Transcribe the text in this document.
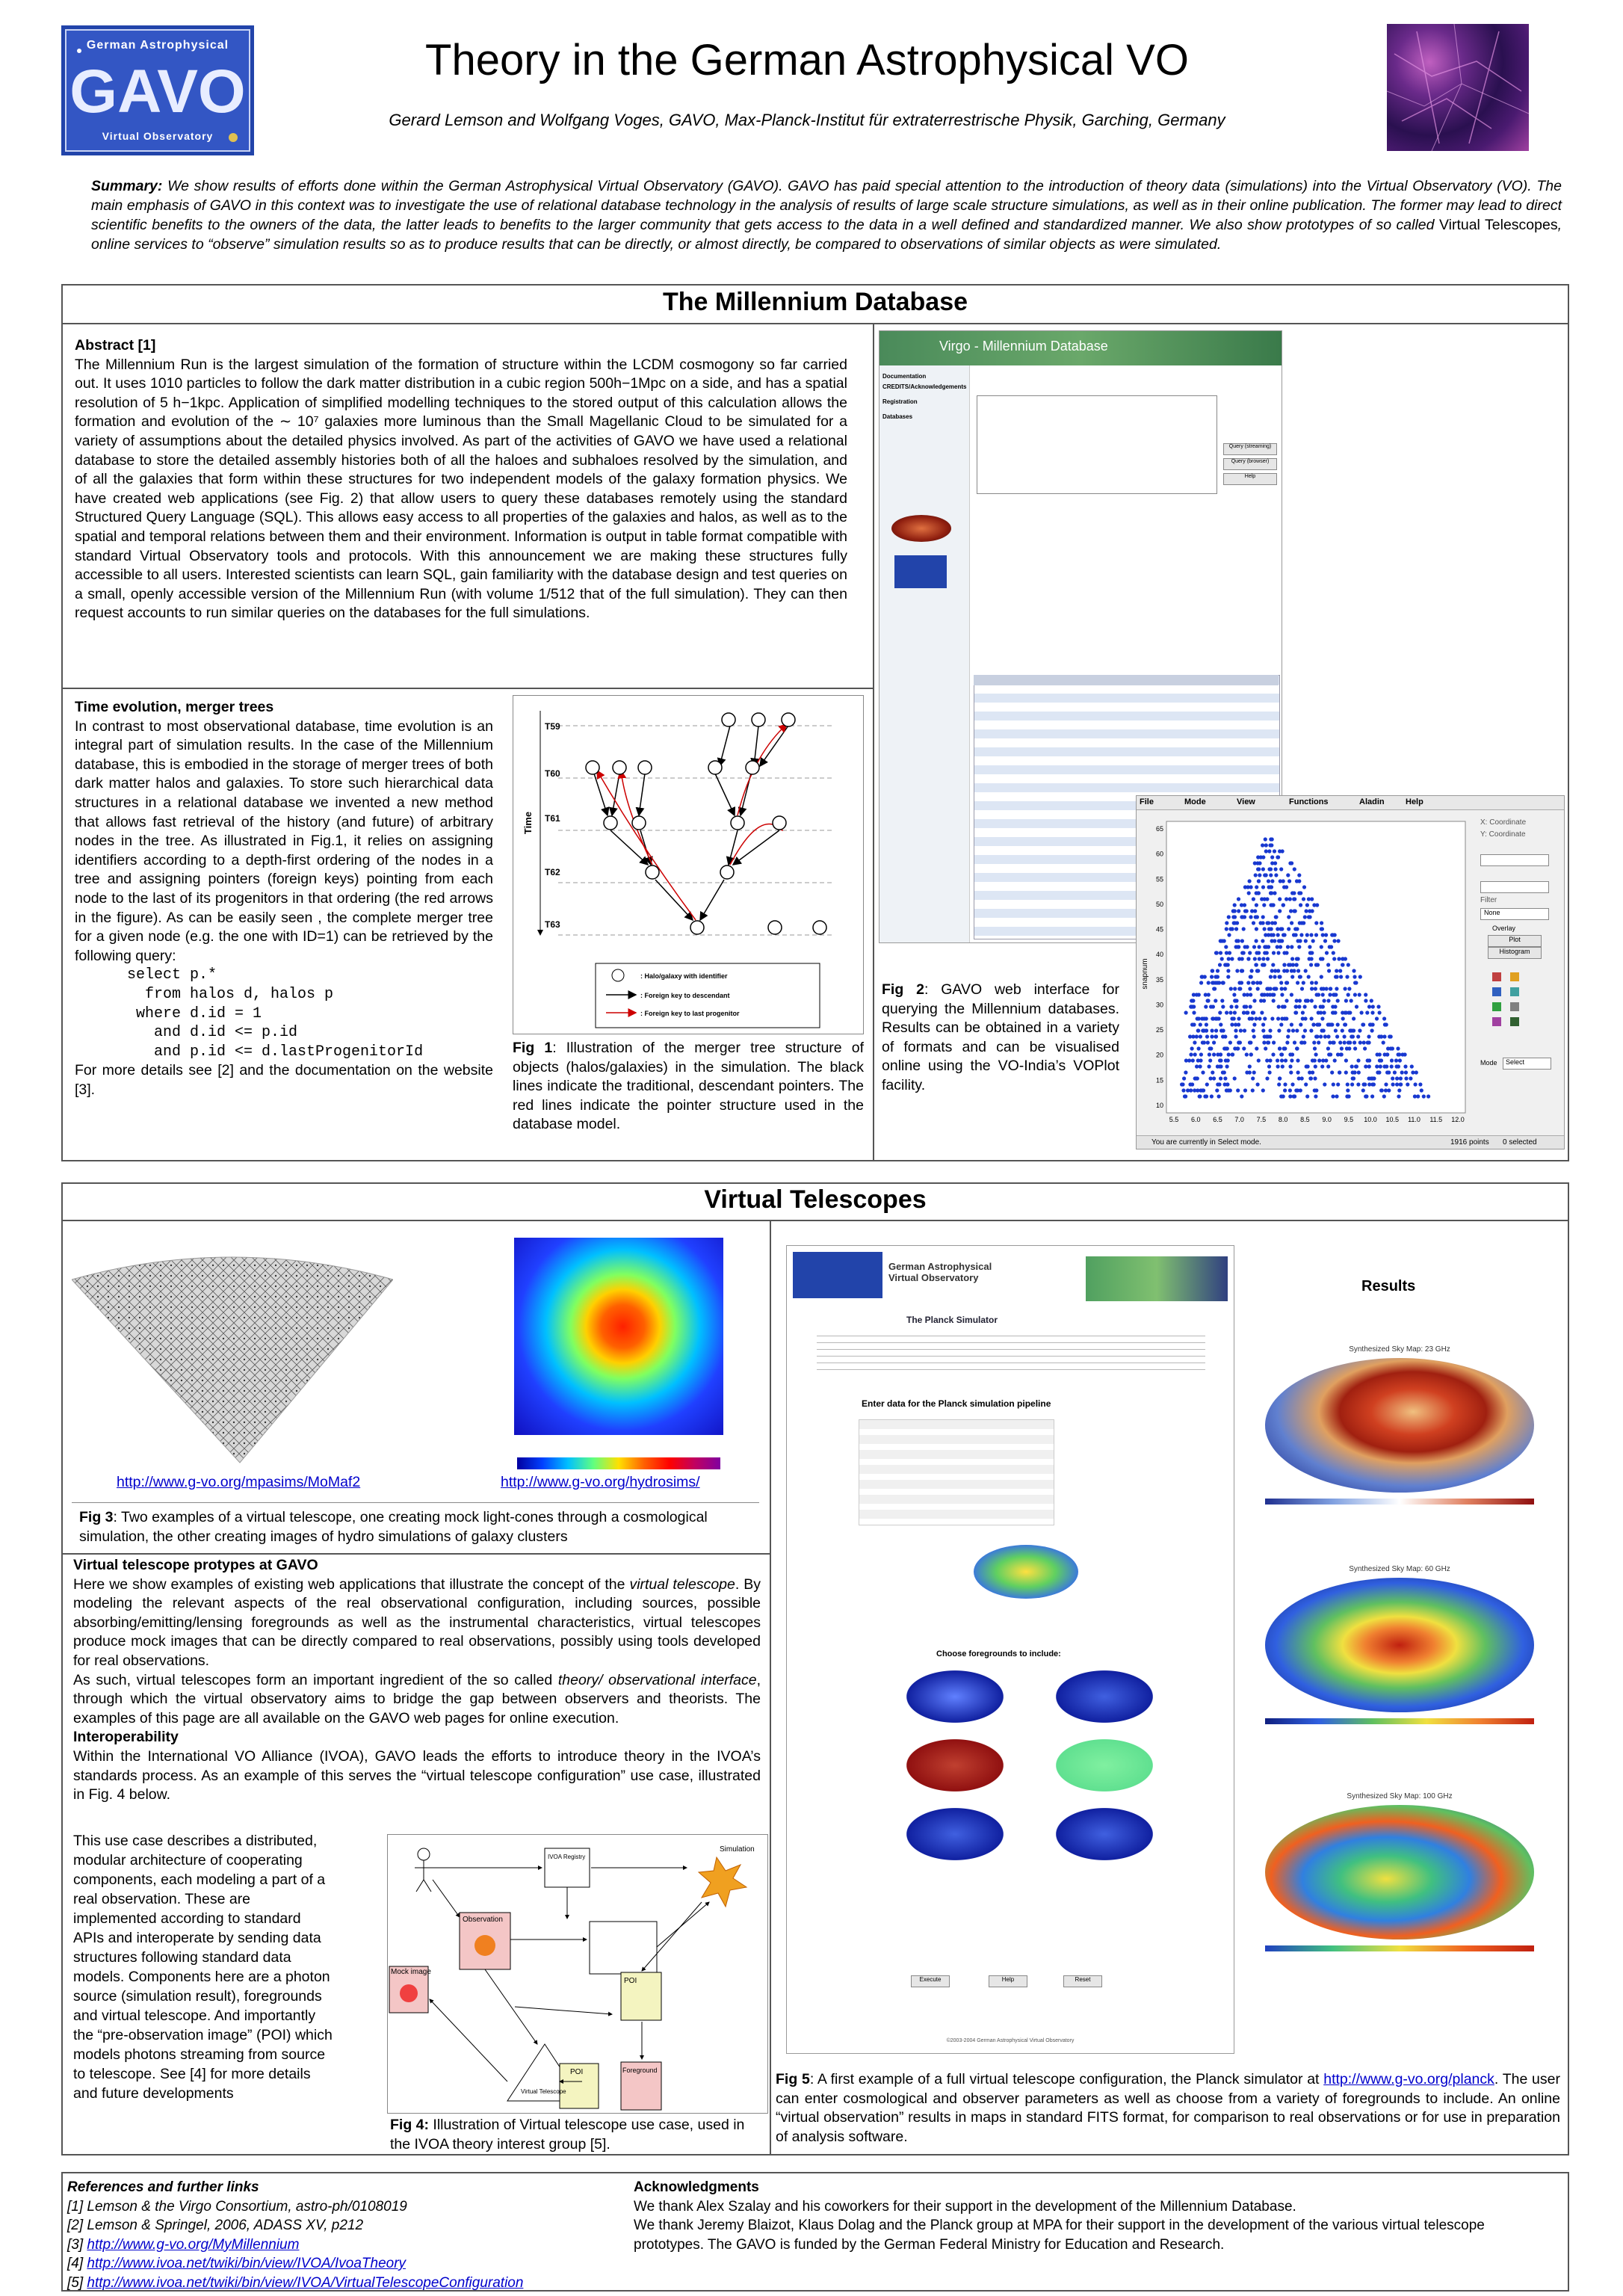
German Astrophysical
GAVO
Virtual Observatory
Theory in the German Astrophysical VO
Gerard Lemson and Wolfgang Voges, GAVO, Max-Planck-Institut für extraterrestrische Physik, Garching, Germany
Summary: We show results of efforts done within the German Astrophysical Virtual Observatory (GAVO). GAVO has paid special attention to the introduction of theory data (simulations) into the Virtual Observatory (VO). The main emphasis of GAVO in this context was to investigate the use of relational database technology in the analysis of results of large scale structure simulations, as well as in their online publication. The former may lead to direct scientific benefits to the owners of the data, the latter leads to benefits to the larger community that gets access to the data in a well defined and standardized manner. We also show prototypes of so called Virtual Telescopes, online services to “observe” simulation results so as to produce results that can be directly, or almost directly, be compared to observations of similar objects as were simulated.
The Millennium Database

Abstract [1]

The Millennium Run is the largest simulation of the formation of structure within the LCDM cosmogony so far carried out. It uses 1010 particles to follow the dark matter distribution in a cubic region 500h−1Mpc on a side, and has a spatial resolution of 5 h−1kpc. Application of simplified modelling techniques to the stored output of this calculation allows the formation and evolution of the ∼ 10⁷ galaxies more luminous than the Small Magellanic Cloud to be simulated for a variety of assumptions about the detailed physics involved. As part of the activities of GAVO we have used a relational database to store the detailed assembly histories both of all the haloes and subhaloes resolved by the simulation, and of all the galaxies that form within these structures for two independent models of the galaxy formation physics. We have created web applications (see Fig. 2) that allow users to query these databases remotely using the standard Structured Query Language (SQL). This allows easy access to all properties of the galaxies and halos, as well as to the spatial and temporal relations between them and their environment. Information is output in table format compatible with standard Virtual Observatory tools and protocols. With this announcement we are making these structures fully accessible to all users. Interested scientists can learn SQL, gain familiarity with the database design and test queries on a small, openly accessible version of the Millennium Run (with volume 1/512 that of the full simulation). They can then request accounts to run similar queries on the databases for the full simulations.

Time evolution, merger trees

In contrast to most observational database, time evolution is an integral part of simulation results. In the case of the Millennium database, this is embodied in the storage of merger trees of both dark matter halos and galaxies. To store such hierarchical data structures in a relational database we invented a new method that allows fast retrieval of the history (and future) of arbitrary nodes in the tree. As illustrated in Fig.1, it relies on assigning identifiers according to a depth-first ordering of the nodes in a tree and assigning pointers (foreign keys) pointing from each node to the last of its progenitors in that ordering (the red arrows in the figure). As can be easily seen , the complete merger tree for a given node (e.g. the one with ID=1) can be retrieved by the following query:

select p.*
from halos d, halos p
where d.id = 1
and d.id <= p.id
and p.id <= d.lastProgenitorId

For more details see [2] and the documentation on the website [3].

Time
T59
T60
T61
T62
T63
: Halo/galaxy with identifier
: Foreign key to descendant
: Foreign key to last progenitor
Fig 1: Illustration of the merger tree structure of objects (halos/galaxies) in the simulation. The black lines indicate the traditional, descendant pointers. The red lines indicate the pointer structure used in the database model.
Virgo - Millennium Database
Documentation
CREDITS/Acknowledgements
Registration
Databases
Query (streaming)
Query (browser)
Help
File	Mode	View	Functions	Aladin	Help
snapnum
5.5 6.0 6.5 7.0 7.5 8.0 8.5 9.0 9.5 10.0 10.5 11.0 11.5 12.0
10
15
20
25
30
35
40
45
50
55
60
65
X: Coordinate
Y: Coordinate
Filter
None
Overlay
Plot
Histogram
Mode	Select
You are currently in Select mode.	1916 points 0 selected
Fig 2: GAVO web interface for querying the Millennium databases. Results can be obtained in a variety of formats and can be visualised online using the VO-India’s VOPlot facility.
Virtual Telescopes
http://www.g-vo.org/mpasims/MoMaf2	http://www.g-vo.org/hydrosims/
Fig 3: Two examples of a virtual telescope, one creating mock light-cones through a cosmological simulation, the other creating images of hydro simulations of galaxy clusters

Virtual telescope protypes at GAVO

Here we show examples of existing web applications that illustrate the concept of the virtual telescope. By modeling the relevant aspects of the real observational configuration, including sources, possible absorbing/emitting/lensing foregrounds as well as the instrumental characteristics, virtual telescopes produce mock images that can be directly compared to real observations, possibly using tools developed for real observations.

As such, virtual telescopes form an important ingredient of the so called theory/ observational interface, through which the virtual observatory aims to bridge the gap between observers and theorists. The examples of this page are all available on the GAVO web pages for online execution.

Interoperability

Within the International VO Alliance (IVOA), GAVO leads the efforts to introduce theory in the IVOA’s standards process. As an example of this serves the “virtual telescope configuration” use case, illustrated in Fig. 4 below.

This use case describes a distributed, modular architecture of cooperating components, each modeling a part of a real observation. These are implemented according to standard APIs and interoperate by sending data structures following standard data models. Components here are a photon source (simulation result), foregrounds and virtual telescope. And importantly the “pre-observation image” (POI) which models photons streaming from source to telescope. See [4] for more details and future developments
Simulation
IVOA Registry
Observation
Mock image
Virtual Telescope
POI
Foreground
POI
Fig 4: Illustration of Virtual telescope use case, used in the IVOA theory interest group [5].
German Astrophysical Virtual Observatory
The Planck Simulator
Enter data for the Planck simulation pipeline
Choose foregrounds to include:
Execute	Help	Reset
©2003-2004 German Astrophysical Virtual Observatory
Results
Synthesized Sky Map: 23 GHz
Synthesized Sky Map: 60 GHz
Synthesized Sky Map: 100 GHz
Fig 5: A first example of a full virtual telescope configuration, the Planck simulator at http://www.g-vo.org/planck. The user can enter cosmological and observer parameters as well as choose from a variety of foregrounds to include. An online “virtual observation” results in maps in standard FITS format, for comparison to real observations or for use in preparation of analysis software.
References and further links
[1] Lemson & the Virgo Consortium, astro-ph/0108019
[2] Lemson & Springel, 2006, ADASS XV, p212
[3] http://www.g-vo.org/MyMillennium
[4] http://www.ivoa.net/twiki/bin/view/IVOA/IvoaTheory
[5] http://www.ivoa.net/twiki/bin/view/IVOA/VirtualTelescopeConfiguration
Acknowledgments
We thank Alex Szalay and his coworkers for their support in the development of the Millennium Database.
We thank Jeremy Blaizot, Klaus Dolag and the Planck group at MPA for their support in the development of the various virtual telescope prototypes. The GAVO is funded by the German Federal Ministry for Education and Research.
